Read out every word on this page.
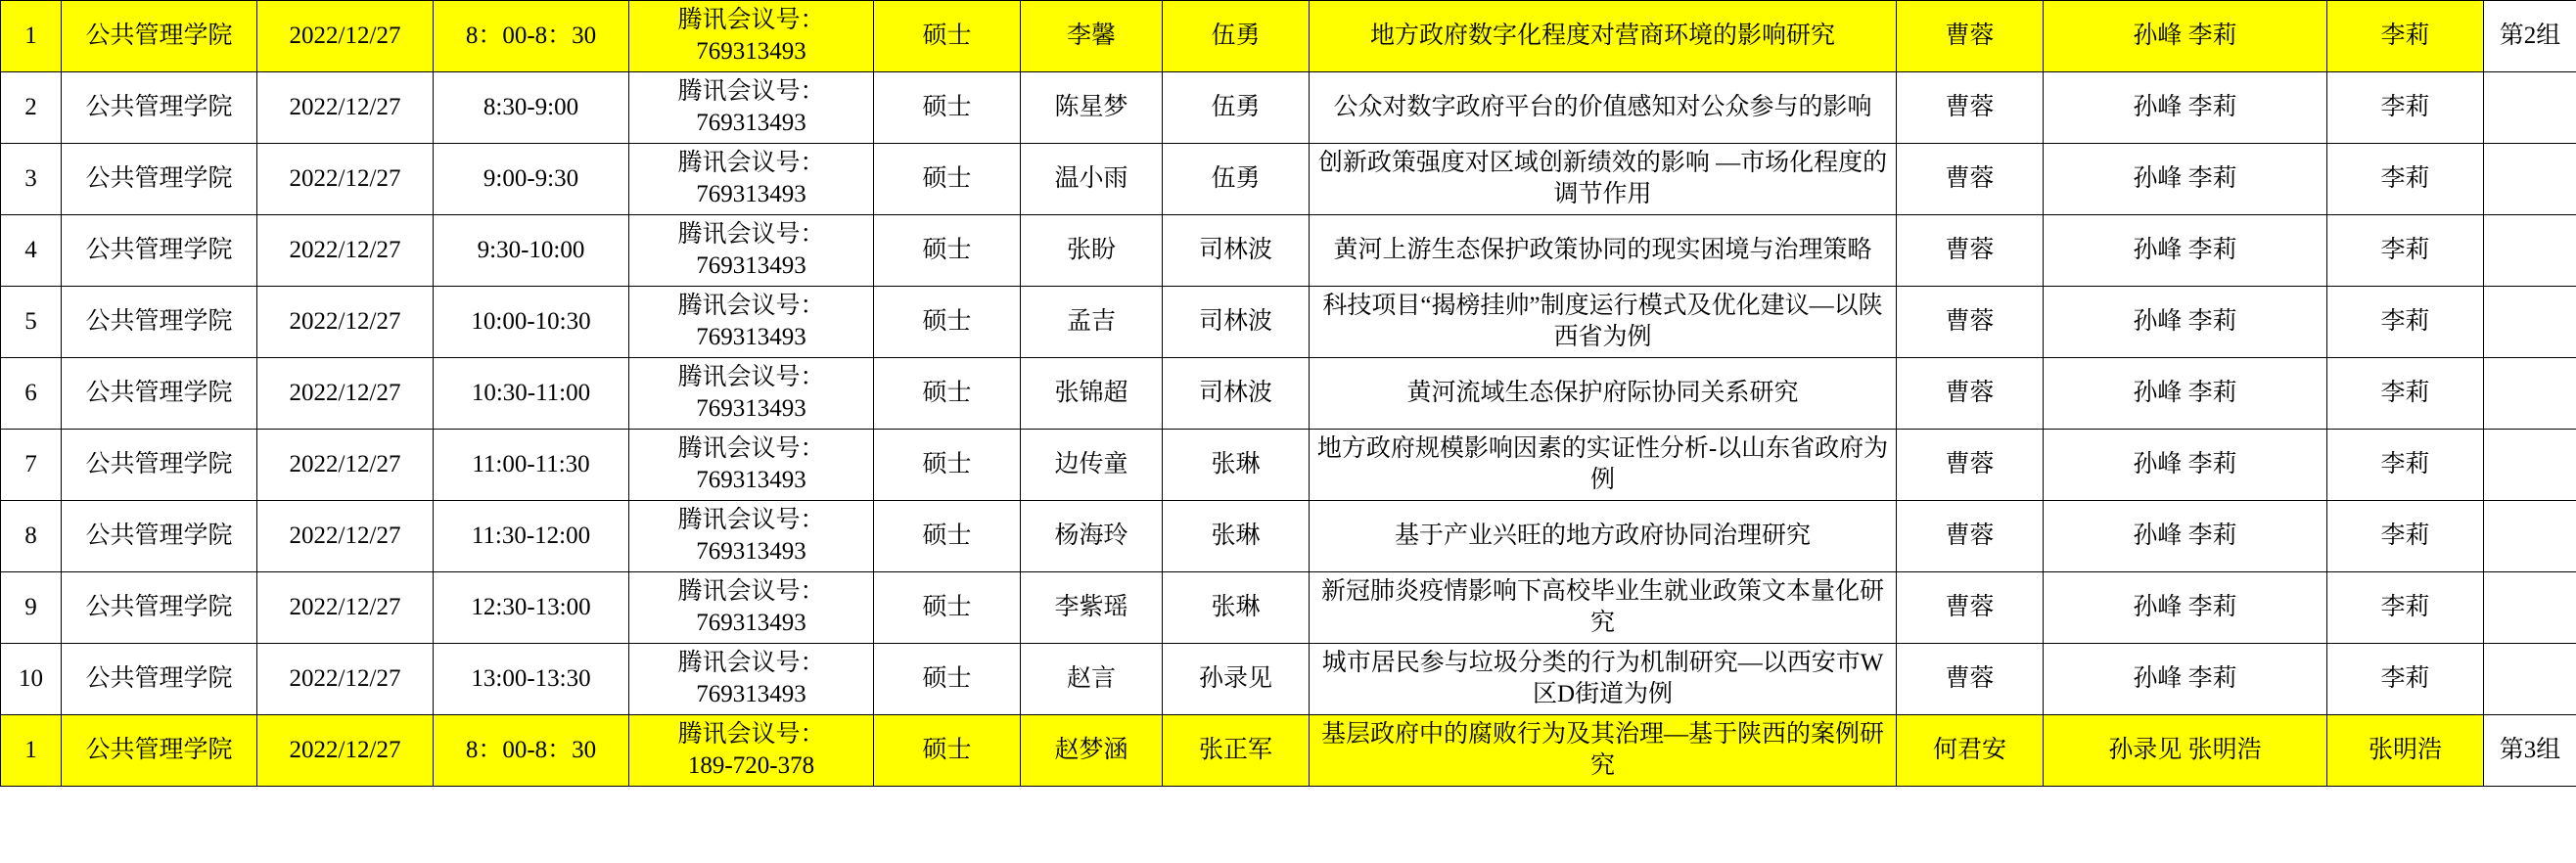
1	公共管理学院	2022/12/27	8：00-8：30	腾讯会议号：
769313493	硕士	李馨	伍勇	地方政府数字化程度对营商环境的影响研究	曹蓉	孙峰 李莉	李莉	第2组
2	公共管理学院	2022/12/27	8:30-9:00	腾讯会议号：
769313493	硕士	陈星梦	伍勇	公众对数字政府平台的价值感知对公众参与的影响	曹蓉	孙峰 李莉	李莉	
3	公共管理学院	2022/12/27	9:00-9:30	腾讯会议号：
769313493	硕士	温小雨	伍勇	创新政策强度对区域创新绩效的影响 —市场化程度的调节作用	曹蓉	孙峰 李莉	李莉	
4	公共管理学院	2022/12/27	9:30-10:00	腾讯会议号：
769313493	硕士	张盼	司林波	黄河上游生态保护政策协同的现实困境与治理策略	曹蓉	孙峰 李莉	李莉	
5	公共管理学院	2022/12/27	10:00-10:30	腾讯会议号：
769313493	硕士	孟吉	司林波	科技项目“揭榜挂帅”制度运行模式及优化建议—以陕西省为例	曹蓉	孙峰 李莉	李莉	
6	公共管理学院	2022/12/27	10:30-11:00	腾讯会议号：
769313493	硕士	张锦超	司林波	黄河流域生态保护府际协同关系研究	曹蓉	孙峰 李莉	李莉	
7	公共管理学院	2022/12/27	11:00-11:30	腾讯会议号：
769313493	硕士	边传童	张琳	地方政府规模影响因素的实证性分析-以山东省政府为例	曹蓉	孙峰 李莉	李莉	
8	公共管理学院	2022/12/27	11:30-12:00	腾讯会议号：
769313493	硕士	杨海玲	张琳	基于产业兴旺的地方政府协同治理研究	曹蓉	孙峰 李莉	李莉	
9	公共管理学院	2022/12/27	12:30-13:00	腾讯会议号：
769313493	硕士	李紫瑶	张琳	新冠肺炎疫情影响下高校毕业生就业政策文本量化研究	曹蓉	孙峰 李莉	李莉	
10	公共管理学院	2022/12/27	13:00-13:30	腾讯会议号：
769313493	硕士	赵言	孙录见	城市居民参与垃圾分类的行为机制研究—以西安市W区D街道为例	曹蓉	孙峰 李莉	李莉	
1	公共管理学院	2022/12/27	8：00-8：30	腾讯会议号：
189-720-378	硕士	赵梦涵	张正军	基层政府中的腐败行为及其治理—基于陕西的案例研究	何君安	孙录见 张明浩	张明浩	第3组
